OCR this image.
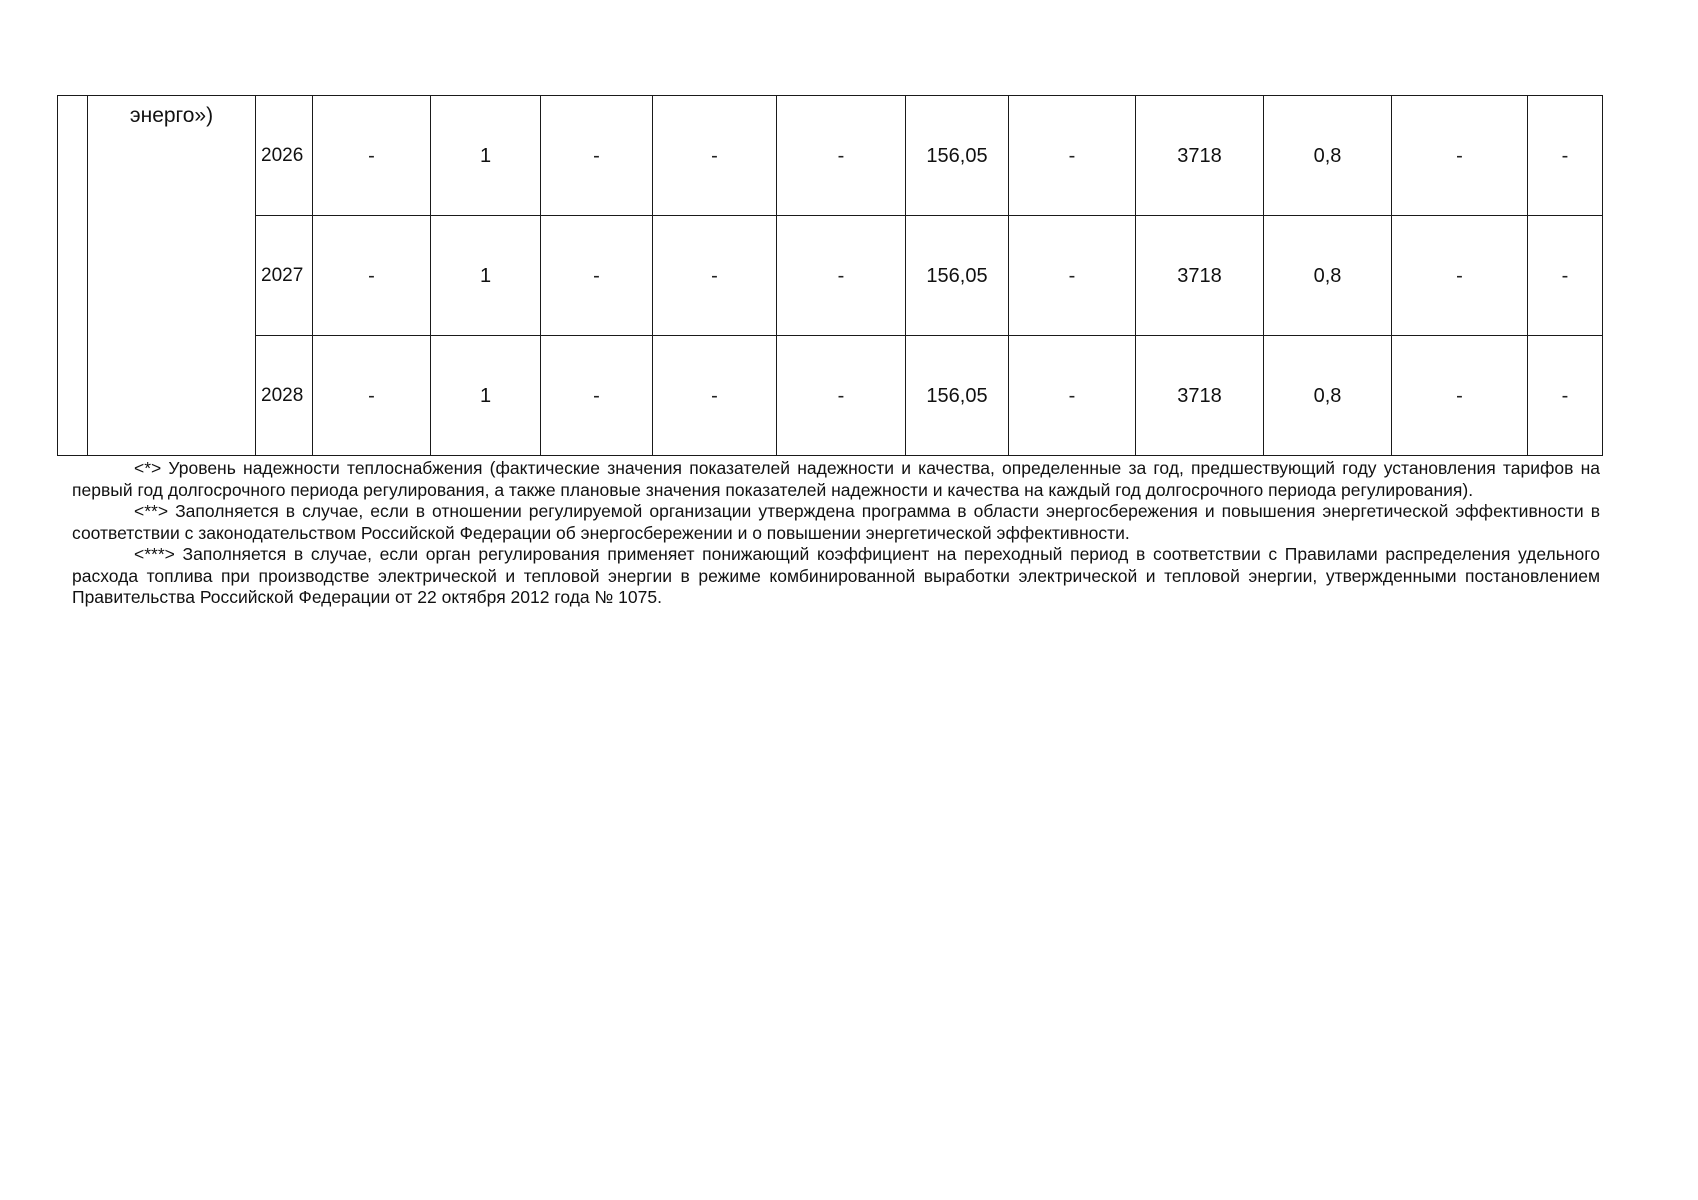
	энерго»)	2026	-	1	-	-	-	156,05	-	3718	0,8	-	-
		2027	-	1	-	-	-	156,05	-	3718	0,8	-	-
		2028	-	1	-	-	-	156,05	-	3718	0,8	-	-

<*> Уровень надежности теплоснабжения (фактические значения показателей надежности и качества, определенные за год, предшествующий году установления тарифов на первый год долгосрочного периода регулирования, а также плановые значения показателей надежности и качества на каждый год долгосрочного периода регулирования).

<**> Заполняется в случае, если в отношении регулируемой организации утверждена программа в области энергосбережения и повышения энергетической эффективности в соответствии с законодательством Российской Федерации об энергосбережении и о повышении энергетической эффективности.

<***> Заполняется в случае, если орган регулирования применяет понижающий коэффициент на переходный период в соответствии с Правилами распределения удельного расхода топлива при производстве электрической и тепловой энергии в режиме комбинированной выработки электрической и тепловой энергии, утвержденными постановлением Правительства Российской Федерации от 22 октября 2012 года № 1075.
